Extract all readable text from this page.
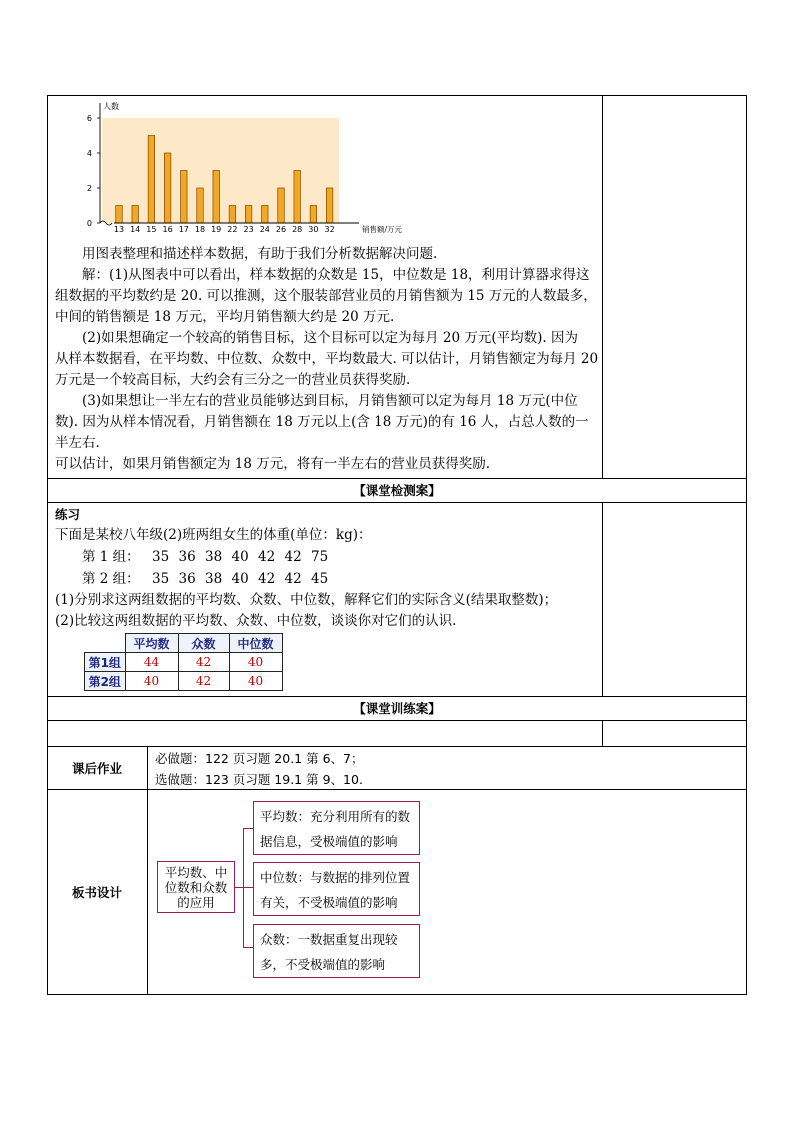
13 14 15 16 17 18 19 22 23 24 26 28 30 32
0
2
4
6
人数
销售额/万元
用图表整理和描述样本数据，有助于我们分析数据解决问题.
解：(1)从图表中可以看出，样本数据的众数是 15，中位数是 18，利用计算器求得这
组数据的平均数约是 20. 可以推测，这个服装部营业员的月销售额为 15 万元的人数最多，
中间的销售额是 18 万元，平均月销售额大约是 20 万元.
(2)如果想确定一个较高的销售目标，这个目标可以定为每月 20 万元(平均数). 因为
从样本数据看，在平均数、中位数、众数中，平均数最大. 可以估计，月销售额定为每月 20
万元是一个较高目标，大约会有三分之一的营业员获得奖励.
(3)如果想让一半左右的营业员能够达到目标，月销售额可以定为每月 18 万元(中位
数). 因为从样本情况看，月销售额在 18 万元以上(含 18 万元)的有 16 人，占总人数的一
半左右.
可以估计，如果月销售额定为 18 万元，将有一半左右的营业员获得奖励.
【课堂检测案】
练习
下面是某校八年级(2)班两组女生的体重(单位：kg)：
第 1 组： 35 36 38 40 42 42 75
第 2 组： 35 36 38 40 42 42 45
(1)分别求这两组数据的平均数、众数、中位数，解释它们的实际含义(结果取整数)；
(2)比较这两组数据的平均数、众数、中位数，谈谈你对它们的认识.
	平均数	众数	中位数
第1组	44	42	40
第2组	40	42	40
【课堂训练案】
课后作业
必做题：122 页习题 20.1 第 6、7；
选做题：123 页习题 19.1 第 9、10.
板书设计
平均数、中位数和众数的应用
平均数：充分利用所有的数据信息，受极端值的影响
中位数：与数据的排列位置有关，不受极端值的影响
众数：一数据重复出现较多，不受极端值的影响
